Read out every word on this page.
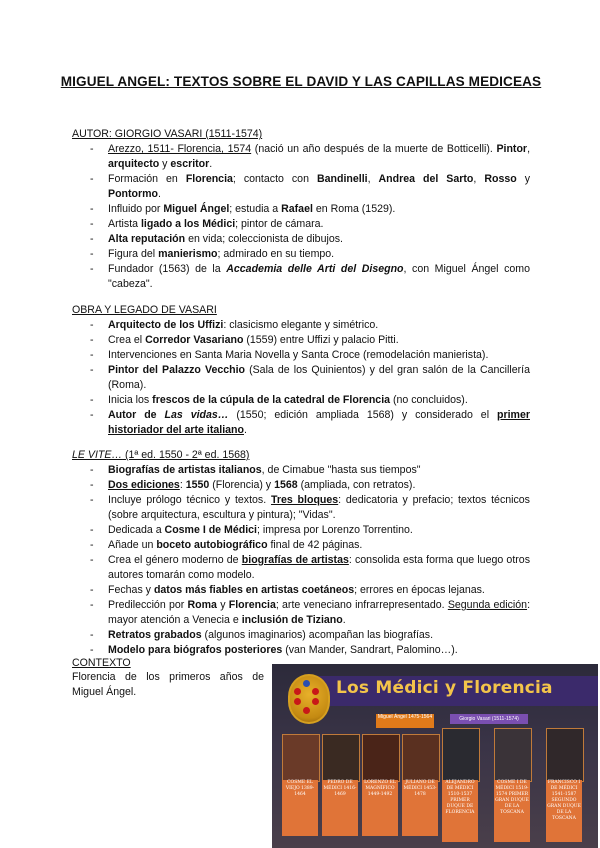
MIGUEL ANGEL: TEXTOS SOBRE EL DAVID Y LAS CAPILLAS MEDICEAS
AUTOR: GIORGIO VASARI (1511-1574)
- Arezzo, 1511- Florencia, 1574 (nació un año después de la muerte de Botticelli). Pintor, arquitecto y escritor.
- Formación en Florencia; contacto con Bandinelli, Andrea del Sarto, Rosso y Pontormo.
- Influido por Miguel Ángel; estudia a Rafael en Roma (1529).
- Artista ligado a los Médici; pintor de cámara.
- Alta reputación en vida; coleccionista de dibujos.
- Figura del manierismo; admirado en su tiempo.
- Fundador (1563) de la Accademia delle Arti del Disegno, con Miguel Ángel como "cabeza".
OBRA Y LEGADO DE VASARI
- Arquitecto de los Uffizi: clasicismo elegante y simétrico.
- Crea el Corredor Vasariano (1559) entre Uffizi y palacio Pitti.
- Intervenciones en Santa Maria Novella y Santa Croce (remodelación manierista).
- Pintor del Palazzo Vecchio (Sala de los Quinientos) y del gran salón de la Cancillería (Roma).
- Inicia los frescos de la cúpula de la catedral de Florencia (no concluidos).
- Autor de Las vidas… (1550; edición ampliada 1568) y considerado el primer historiador del arte italiano.
LE VITE… (1ª ed. 1550 - 2ª ed. 1568)
- Biografías de artistas italianos, de Cimabue "hasta sus tiempos"
- Dos ediciones: 1550 (Florencia) y 1568 (ampliada, con retratos).
- Incluye prólogo técnico y textos. Tres bloques: dedicatoria y prefacio; textos técnicos (sobre arquitectura, escultura y pintura); "Vidas".
- Dedicada a Cosme I de Médici; impresa por Lorenzo Torrentino.
- Añade un boceto autobiográfico final de 42 páginas.
- Crea el género moderno de biografías de artistas: consolida esta forma que luego otros autores tomarán como modelo.
- Fechas y datos más fiables en artistas coetáneos; errores en épocas lejanas.
- Predilección por Roma y Florencia; arte veneciano infrarrepresentado. Segunda edición: mayor atención a Venecia e inclusión de Tiziano.
- Retratos grabados (algunos imaginarios) acompañan las biografías.
- Modelo para biógrafos posteriores (van Mander, Sandrart, Palomino…).
CONTEXTO
Florencia de los primeros años de Miguel Ángel.	Los Médici y Florencia
Miguel Ángel 1475-1564	Giorgio Vasari (1511-1574)
COSME EL VIEJO 1389-1464
PEDRO DE MÉDICI 1416-1469
LORENZO EL MAGNÍFICO 1449-1492
JULIANO DE MÉDICI 1453-1478
ALEJANDRO DE MÉDICI 1510-1537 PRIMER DUQUE DE FLORENCIA
COSME I DE MÉDICI 1519-1574 PRIMER GRAN DUQUE DE LA TOSCANA
FRANCISCO I DE MÉDICI 1541-1587 SEGUNDO GRAN DUQUE DE LA TOSCANA
